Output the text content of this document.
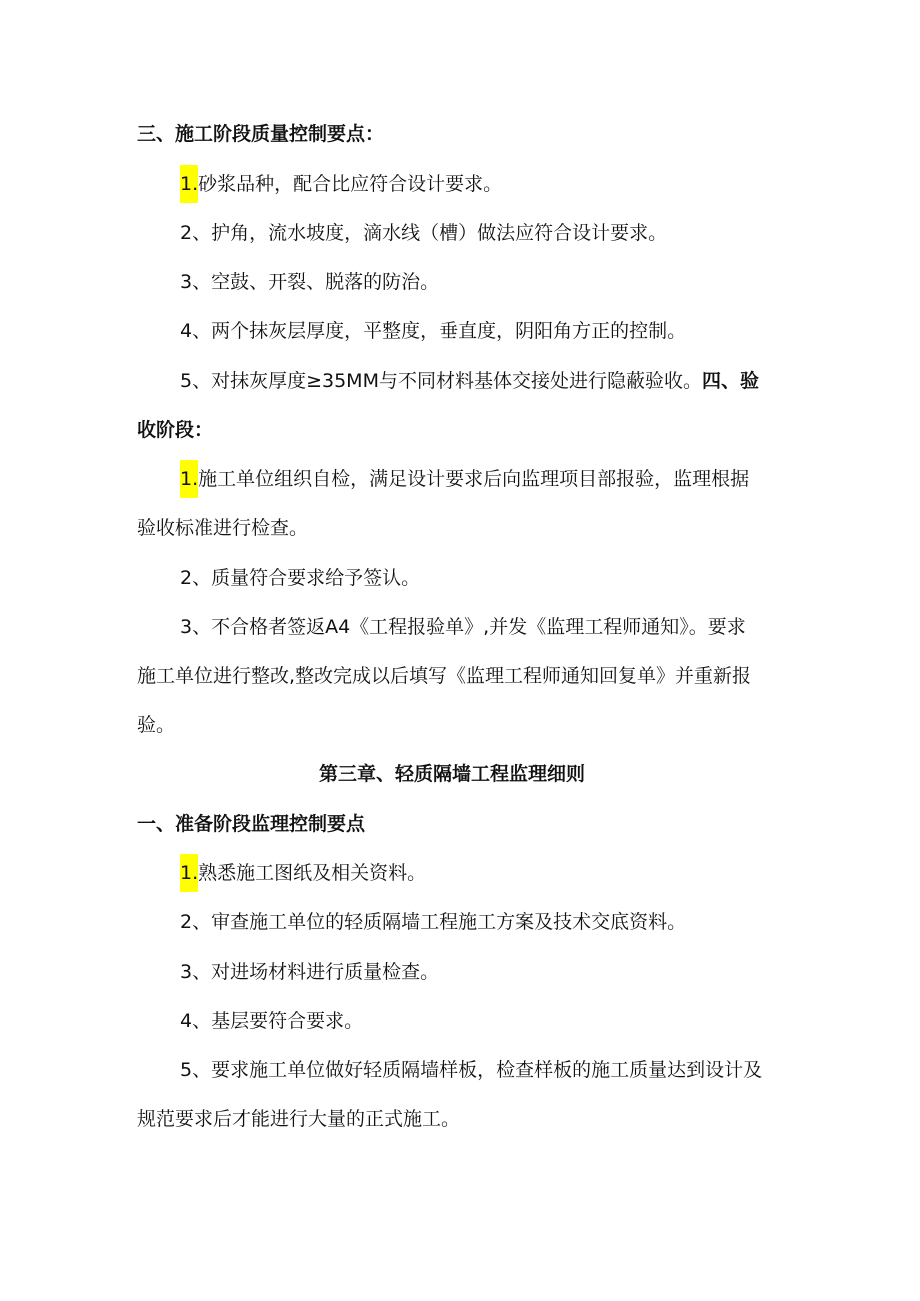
三、施工阶段质量控制要点：
1.砂浆品种，配合比应符合设计要求。
2、护角，流水坡度，滴水线（槽）做法应符合设计要求。
3、空鼓、开裂、脱落的防治。
4、两个抹灰层厚度，平整度，垂直度，阴阳角方正的控制。
5、对抹灰厚度≥35MM与不同材料基体交接处进行隐蔽验收。四、验
收阶段：
1.施工单位组织自检，满足设计要求后向监理项目部报验，监理根据
验收标准进行检查。
2、质量符合要求给予签认。
3、不合格者签返A4《工程报验单》,并发《监理工程师通知》。要求
施工单位进行整改,整改完成以后填写《监理工程师通知回复单》并重新报
验。
第三章、轻质隔墙工程监理细则
一、准备阶段监理控制要点
1.熟悉施工图纸及相关资料。
2、审查施工单位的轻质隔墙工程施工方案及技术交底资料。
3、对进场材料进行质量检查。
4、基层要符合要求。
5、要求施工单位做好轻质隔墙样板，检查样板的施工质量达到设计及
规范要求后才能进行大量的正式施工。
